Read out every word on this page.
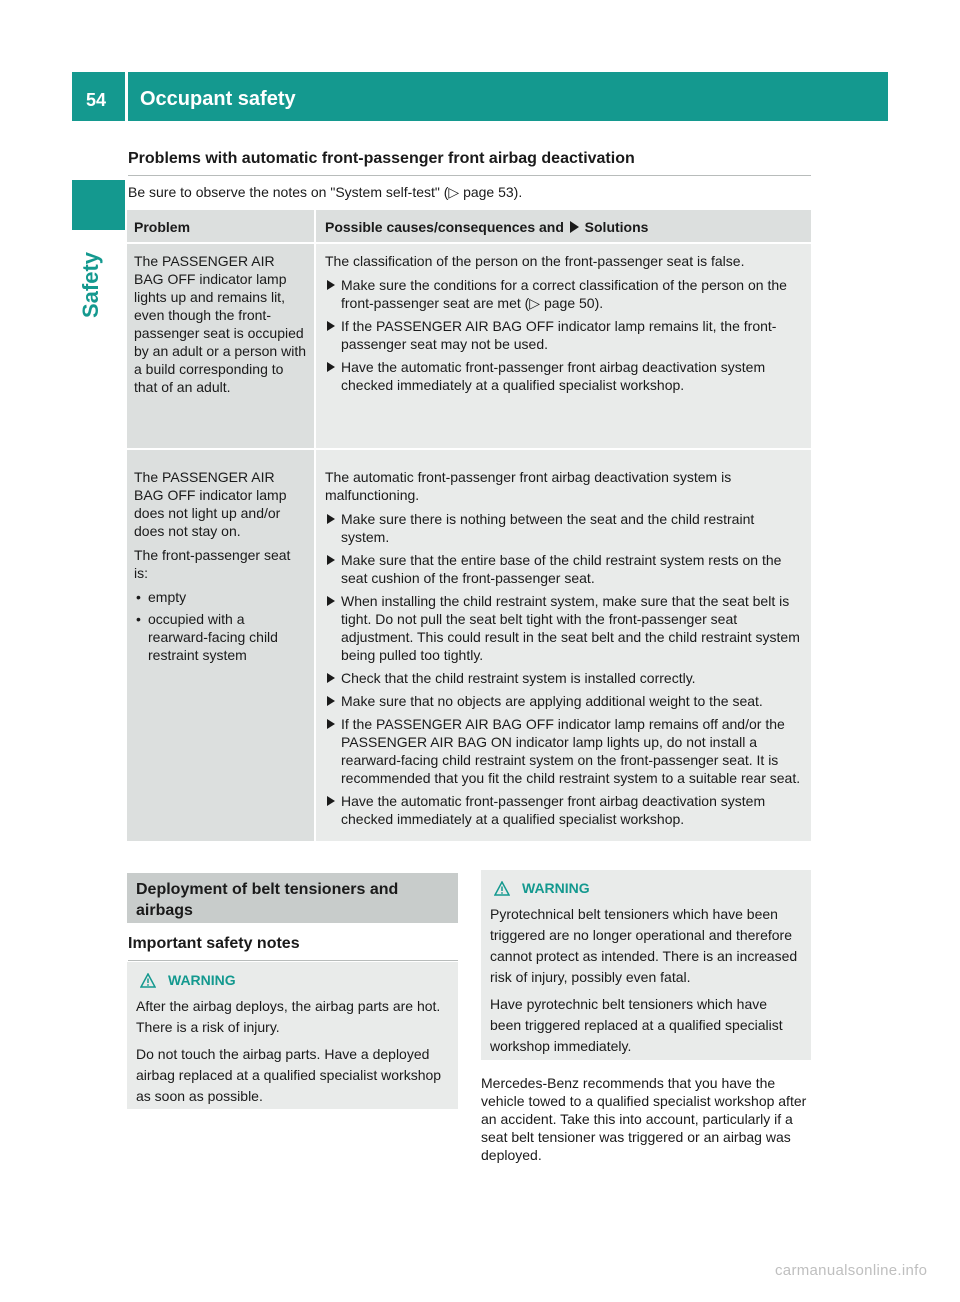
54	Occupant safety
Safety
Problems with automatic front-passenger front airbag deactivation
Be sure to observe the notes on "System self-test" (▷ page 53).
Problem	Possible causes/consequences and Solutions
The PASSENGER AIR BAG OFF indicator lamp lights up and remains lit, even though the front-passenger seat is occupied by an adult or a person with a build corresponding to that of an adult.

The classification of the person on the front-passenger seat is false.

Make sure the conditions for a correct classification of the person on the front-passenger seat are met (▷ page 50).
If the PASSENGER AIR BAG OFF indicator lamp remains lit, the front-passenger seat may not be used.
Have the automatic front-passenger front airbag deactivation system checked immediately at a qualified specialist workshop.

The PASSENGER AIR BAG OFF indicator lamp does not light up and/or does not stay on.

The front-passenger seat is:

• empty
• occupied with a rearward-facing child restraint system

The automatic front-passenger front airbag deactivation system is malfunctioning.

Make sure there is nothing between the seat and the child restraint system.
Make sure that the entire base of the child restraint system rests on the seat cushion of the front-passenger seat.
When installing the child restraint system, make sure that the seat belt is tight. Do not pull the seat belt tight with the front-passenger seat adjustment. This could result in the seat belt and the child restraint system being pulled too tightly.
Check that the child restraint system is installed correctly.
Make sure that no objects are applying additional weight to the seat.
If the PASSENGER AIR BAG OFF indicator lamp remains off and/or the PASSENGER AIR BAG ON indicator lamp lights up, do not install a rearward-facing child restraint system on the front-passenger seat. It is recommended that you fit the child restraint system to a suitable rear seat.
Have the automatic front-passenger front airbag deactivation system checked immediately at a qualified specialist workshop.
Deployment of belt tensioners and airbags
Important safety notes
WARNING

After the airbag deploys, the airbag parts are hot. There is a risk of injury.

Do not touch the airbag parts. Have a deployed airbag replaced at a qualified specialist workshop as soon as possible.

WARNING

Pyrotechnical belt tensioners which have been triggered are no longer operational and therefore cannot protect as intended. There is an increased risk of injury, possibly even fatal.

Have pyrotechnic belt tensioners which have been triggered replaced at a qualified specialist workshop immediately.

Mercedes-Benz recommends that you have the vehicle towed to a qualified specialist workshop after an accident. Take this into account, particularly if a seat belt tensioner was triggered or an airbag was deployed.
carmanualsonline.info
